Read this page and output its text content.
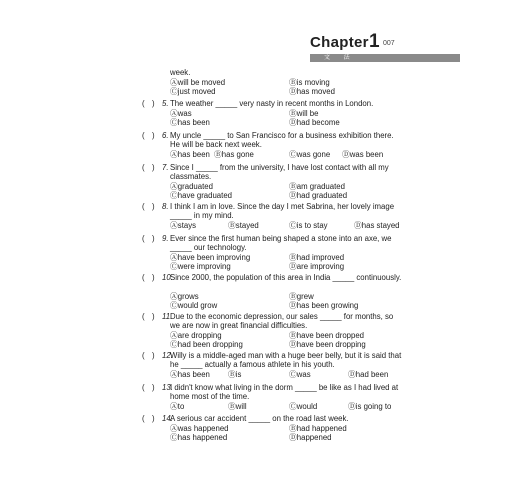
Chapter 1 007
文 法
week.
Ⓐwill be moved	Ⓑis moving
Ⓒjust moved	Ⓓhas moved
( ) 5. The weather _____ very nasty in recent months in London.
Ⓐwas	Ⓑwill be
Ⓒhas been	Ⓓhad become
( ) 6. My uncle _____ to San Francisco for a business exhibition there. He will be back next week.
Ⓐhas been Ⓑhas gone	Ⓒwas gone Ⓓwas been
( ) 7. Since I _____ from the university, I have lost contact with all my classmates.
Ⓐgraduated	Ⓑam graduated
Ⓒhave graduated	Ⓓhad graduated
( ) 8. I think I am in love. Since the day I met Sabrina, her lovely image _____ in my mind.
Ⓐstays	Ⓑstayed	Ⓒis to stay	Ⓓhas stayed
( ) 9. Ever since the first human being shaped a stone into an axe, we _____ our technology.
Ⓐhave been improving	Ⓑhad improved
Ⓒwere improving	Ⓓare improving
( ) 10.
Since 2000, the population of this area in India _____ continuously.
Ⓐgrows	Ⓑgrew
Ⓒwould grow	Ⓓhas been growing
( ) 11.
Due to the economic depression, our sales _____ for months, so we are now in great financial difficulties.
Ⓐare dropping	Ⓑhave been dropped
Ⓒhad been dropping	Ⓓhave been dropping
( ) 12.
Willy is a middle-aged man with a huge beer belly, but it is said that he _____ actually a famous athlete in his youth.
Ⓐhas been Ⓑis	Ⓒwas	Ⓓhad been
( ) 13.
I didn't know what living in the dorm _____ be like as I had lived at home most of the time.
Ⓐto	Ⓑwill	Ⓒwould	Ⓓis going to
( ) 14.
A serious car accident _____ on the road last week.
Ⓐwas happened	Ⓑhad happened
Ⓒhas happened	Ⓓhappened
